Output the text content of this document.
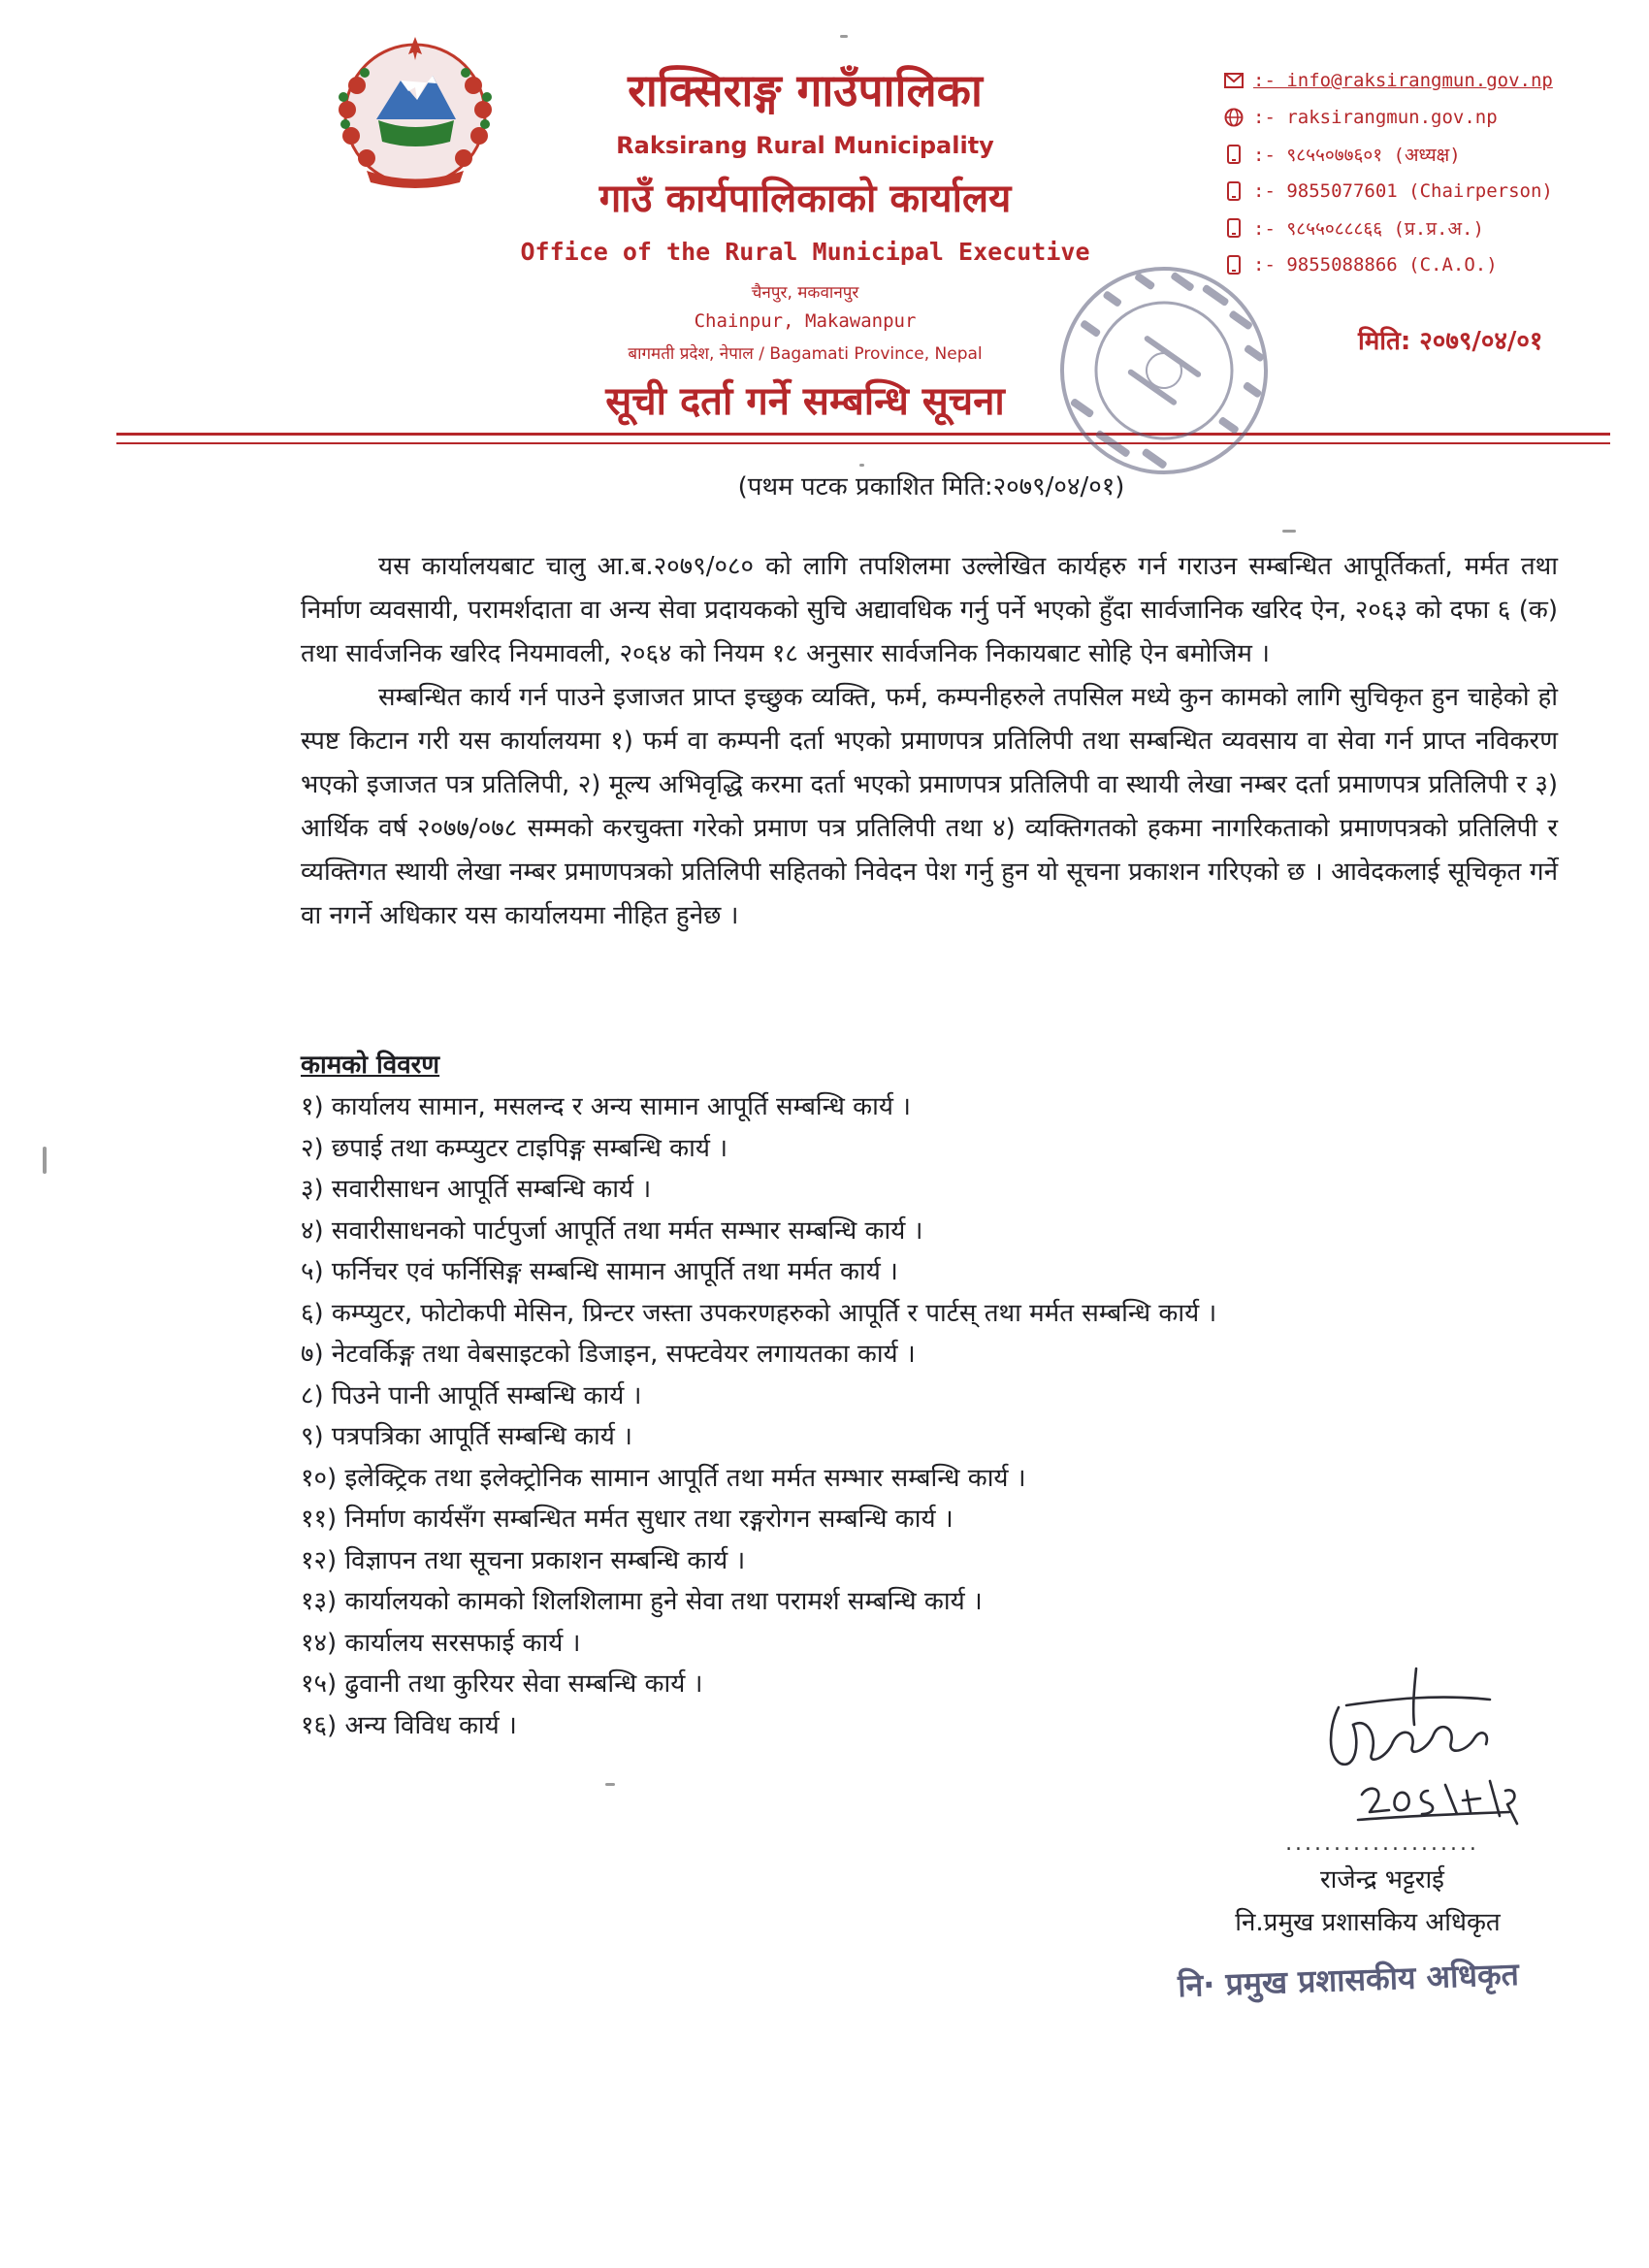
राक्सिराङ्ग गाउँपालिका
Raksirang Rural Municipality
गाउँ कार्यपालिकाको कार्यालय
Office of the Rural Municipal Executive
चैनपुर, मकवानपुर
Chainpur, Makawanpur
बागमती प्रदेश, नेपाल / Bagamati Province, Nepal
सूची दर्ता गर्ने सम्बन्धि सूचना
:- info@raksirangmun.gov.np
:- raksirangmun.gov.np
:- ९८५५०७७६०१ (अध्यक्ष)
:- 9855077601 (Chairperson)
:- ९८५५०८८८६६ (प्र.प्र.अ.)
:- 9855088866 (C.A.O.)
मिति: २०७९/०४/०१
(पथम पटक प्रकाशित मिति:२०७९/०४/०१)

यस कार्यालयबाट चालु आ.ब.२०७९/०८० को लागि तपशिलमा उल्लेखित कार्यहरु गर्न गराउन सम्बन्धित आपूर्तिकर्ता, मर्मत तथा निर्माण व्यवसायी, परामर्शदाता वा अन्य सेवा प्रदायकको सुचि अद्यावधिक गर्नु पर्ने भएको हुँदा सार्वजानिक खरिद ऐन, २०६३ को दफा ६ (क) तथा सार्वजनिक खरिद नियमावली, २०६४ को नियम १८ अनुसार सार्वजनिक निकायबाट सोहि ऐन बमोजिम ।

सम्बन्धित कार्य गर्न पाउने इजाजत प्राप्त इच्छुक व्यक्ति, फर्म, कम्पनीहरुले तपसिल मध्ये कुन कामको लागि सुचिकृत हुन चाहेको हो स्पष्ट किटान गरी यस कार्यालयमा १) फर्म वा कम्पनी दर्ता भएको प्रमाणपत्र प्रतिलिपी तथा सम्बन्धित व्यवसाय वा सेवा गर्न प्राप्त नविकरण भएको इजाजत पत्र प्रतिलिपी, २) मूल्य अभिवृद्धि करमा दर्ता भएको प्रमाणपत्र प्रतिलिपी वा स्थायी लेखा नम्बर दर्ता प्रमाणपत्र प्रतिलिपी र ३) आर्थिक वर्ष २०७७/०७८ सम्मको करचुक्ता गरेको प्रमाण पत्र प्रतिलिपी तथा ४) व्यक्तिगतको हकमा नागरिकताको प्रमाणपत्रको प्रतिलिपी र व्यक्तिगत स्थायी लेखा नम्बर प्रमाणपत्रको प्रतिलिपी सहितको निवेदन पेश गर्नु हुन यो सूचना प्रकाशन गरिएको छ । आवेदकलाई सूचिकृत गर्ने वा नगर्ने अधिकार यस कार्यालयमा नीहित हुनेछ ।

कामको विवरण
१) कार्यालय सामान, मसलन्द र अन्य सामान आपूर्ति सम्बन्धि कार्य ।
२) छपाई तथा कम्प्युटर टाइपिङ्ग सम्बन्धि कार्य ।
३) सवारीसाधन आपूर्ति सम्बन्धि कार्य ।
४) सवारीसाधनको पार्टपुर्जा आपूर्ति तथा मर्मत सम्भार सम्बन्धि कार्य ।
५) फर्निचर एवं फर्निसिङ्ग सम्बन्धि सामान आपूर्ति तथा मर्मत कार्य ।
६) कम्प्युटर, फोटोकपी मेसिन, प्रिन्टर जस्ता उपकरणहरुको आपूर्ति र पार्टस् तथा मर्मत सम्बन्धि कार्य ।
७) नेटवर्किङ्ग तथा वेबसाइटको डिजाइन, सफ्टवेयर लगायतका कार्य ।
८) पिउने पानी आपूर्ति सम्बन्धि कार्य ।
९) पत्रपत्रिका आपूर्ति सम्बन्धि कार्य ।
१०) इलेक्ट्रिक तथा इलेक्ट्रोनिक सामान आपूर्ति तथा मर्मत सम्भार सम्बन्धि कार्य ।
११) निर्माण कार्यसँग सम्बन्धित मर्मत सुधार तथा रङ्गरोगन सम्बन्धि कार्य ।
१२) विज्ञापन तथा सूचना प्रकाशन सम्बन्धि कार्य ।
१३) कार्यालयको कामको शिलशिलामा हुने सेवा तथा परामर्श सम्बन्धि कार्य ।
१४) कार्यालय सरसफाई कार्य ।
१५) ढुवानी तथा कुरियर सेवा सम्बन्धि कार्य ।
१६) अन्य विविध कार्य ।
....................
राजेन्द्र भट्टराई
नि.प्रमुख प्रशासकिय अधिकृत
नि· प्रमुख प्रशासकीय अधिकृत
